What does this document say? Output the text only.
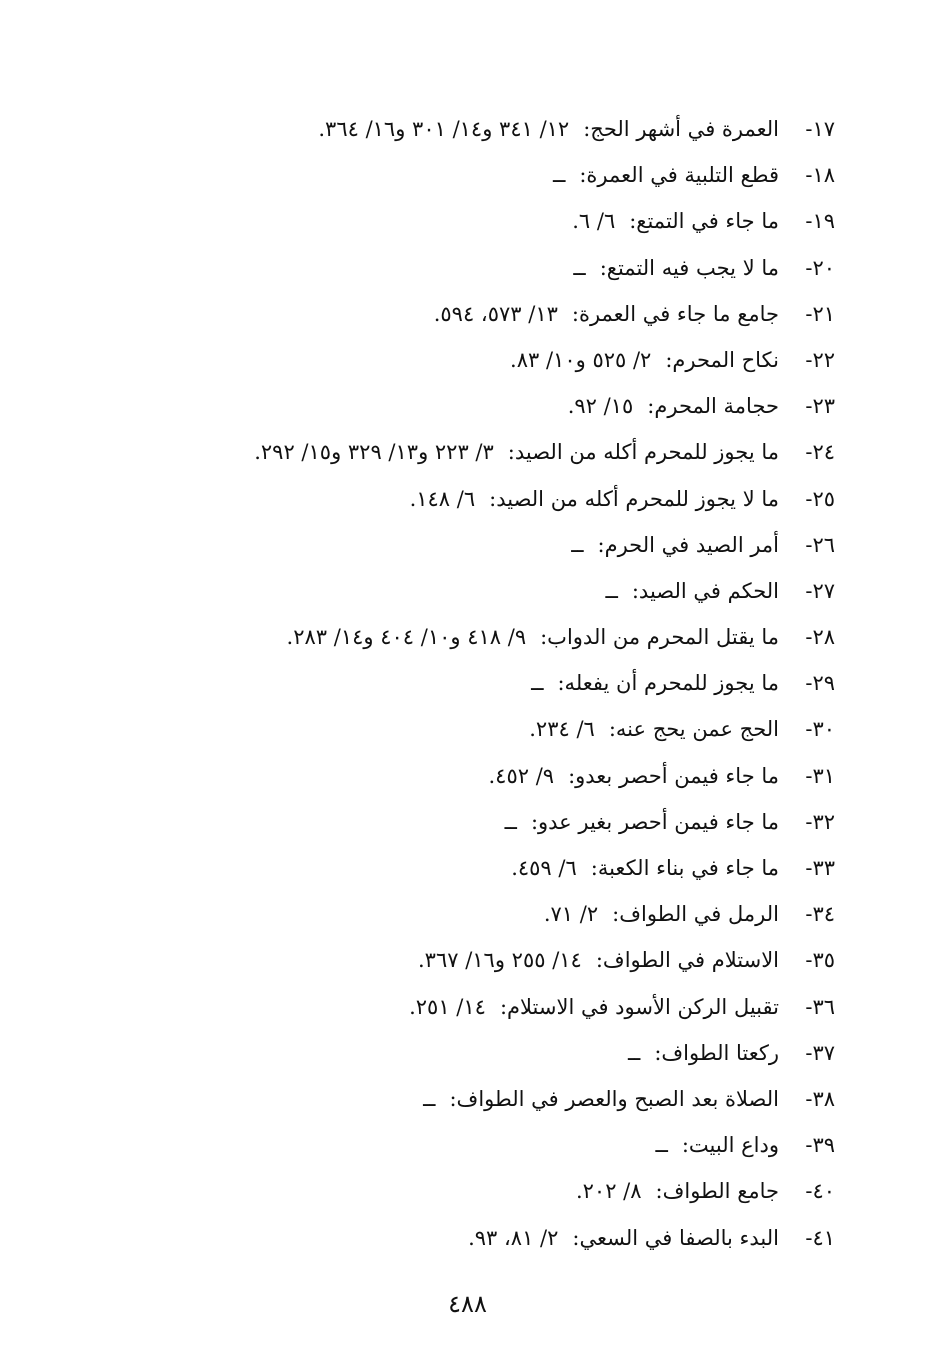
١٧-
العمرة في أشهر الحج:
١٢/ ٣٤١ و١٤/ ٣٠١ و١٦/ ٣٦٤.
١٨-
قطع التلبية في العمرة:
ــ
١٩-
ما جاء في التمتع:
٦/ ٦.
٢٠-
ما لا يجب فيه التمتع:
ــ
٢١-
جامع ما جاء في العمرة:
١٣/ ٥٧٣، ٥٩٤.
٢٢-
نكاح المحرم:
٢/ ٥٢٥ و١٠/ ٨٣.
٢٣-
حجامة المحرم:
١٥/ ٩٢.
٢٤-
ما يجوز للمحرم أكله من الصيد:
٣/ ٢٢٣ و١٣/ ٣٢٩ و١٥/ ٢٩٢.
٢٥-
ما لا يجوز للمحرم أكله من الصيد:
٦/ ١٤٨.
٢٦-
أمر الصيد في الحرم:
ــ
٢٧-
الحكم في الصيد:
ــ
٢٨-
ما يقتل المحرم من الدواب:
٩/ ٤١٨ و١٠/ ٤٠٤ و١٤/ ٢٨٣.
٢٩-
ما يجوز للمحرم أن يفعله:
ــ
٣٠-
الحج عمن يحج عنه:
٦/ ٢٣٤.
٣١-
ما جاء فيمن أحصر بعدو:
٩/ ٤٥٢.
٣٢-
ما جاء فيمن أحصر بغير عدو:
ــ
٣٣-
ما جاء في بناء الكعبة:
٦/ ٤٥٩.
٣٤-
الرمل في الطواف:
٢/ ٧١.
٣٥-
الاستلام في الطواف:
١٤/ ٢٥٥ و١٦/ ٣٦٧.
٣٦-
تقبيل الركن الأسود في الاستلام:
١٤/ ٢٥١.
٣٧-
ركعتا الطواف:
ــ
٣٨-
الصلاة بعد الصبح والعصر في الطواف:
ــ
٣٩-
وداع البيت:
ــ
٤٠-
جامع الطواف:
٨/ ٢٠٢.
٤١-
البدء بالصفا في السعي:
٢/ ٨١، ٩٣.
٤٨٨
